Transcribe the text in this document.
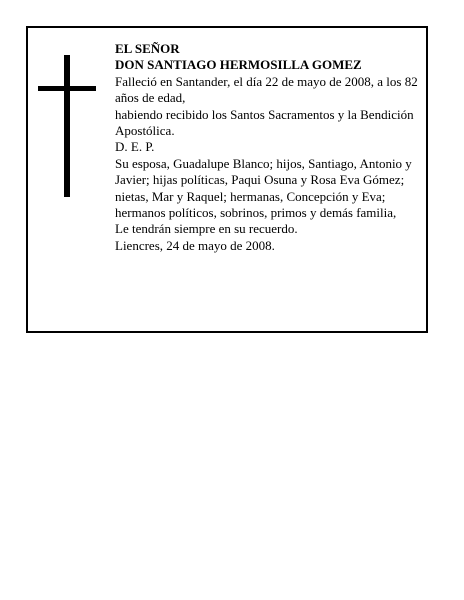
EL SEÑOR

DON SANTIAGO HERMOSILLA GOMEZ

Falleció en Santander, el día 22 de mayo de 2008, a los 82 años de edad,

habiendo recibido los Santos Sacramentos y la Bendición Apostólica.

D. E. P.

Su esposa, Guadalupe Blanco; hijos, Santiago, Antonio y Javier; hijas políticas, Paqui Osuna y Rosa Eva Gómez; nietas, Mar y Raquel; hermanas, Concepción y Eva; hermanos políticos, sobrinos, primos y demás familia,

Le tendrán siempre en su recuerdo.

Liencres, 24 de mayo de 2008.
